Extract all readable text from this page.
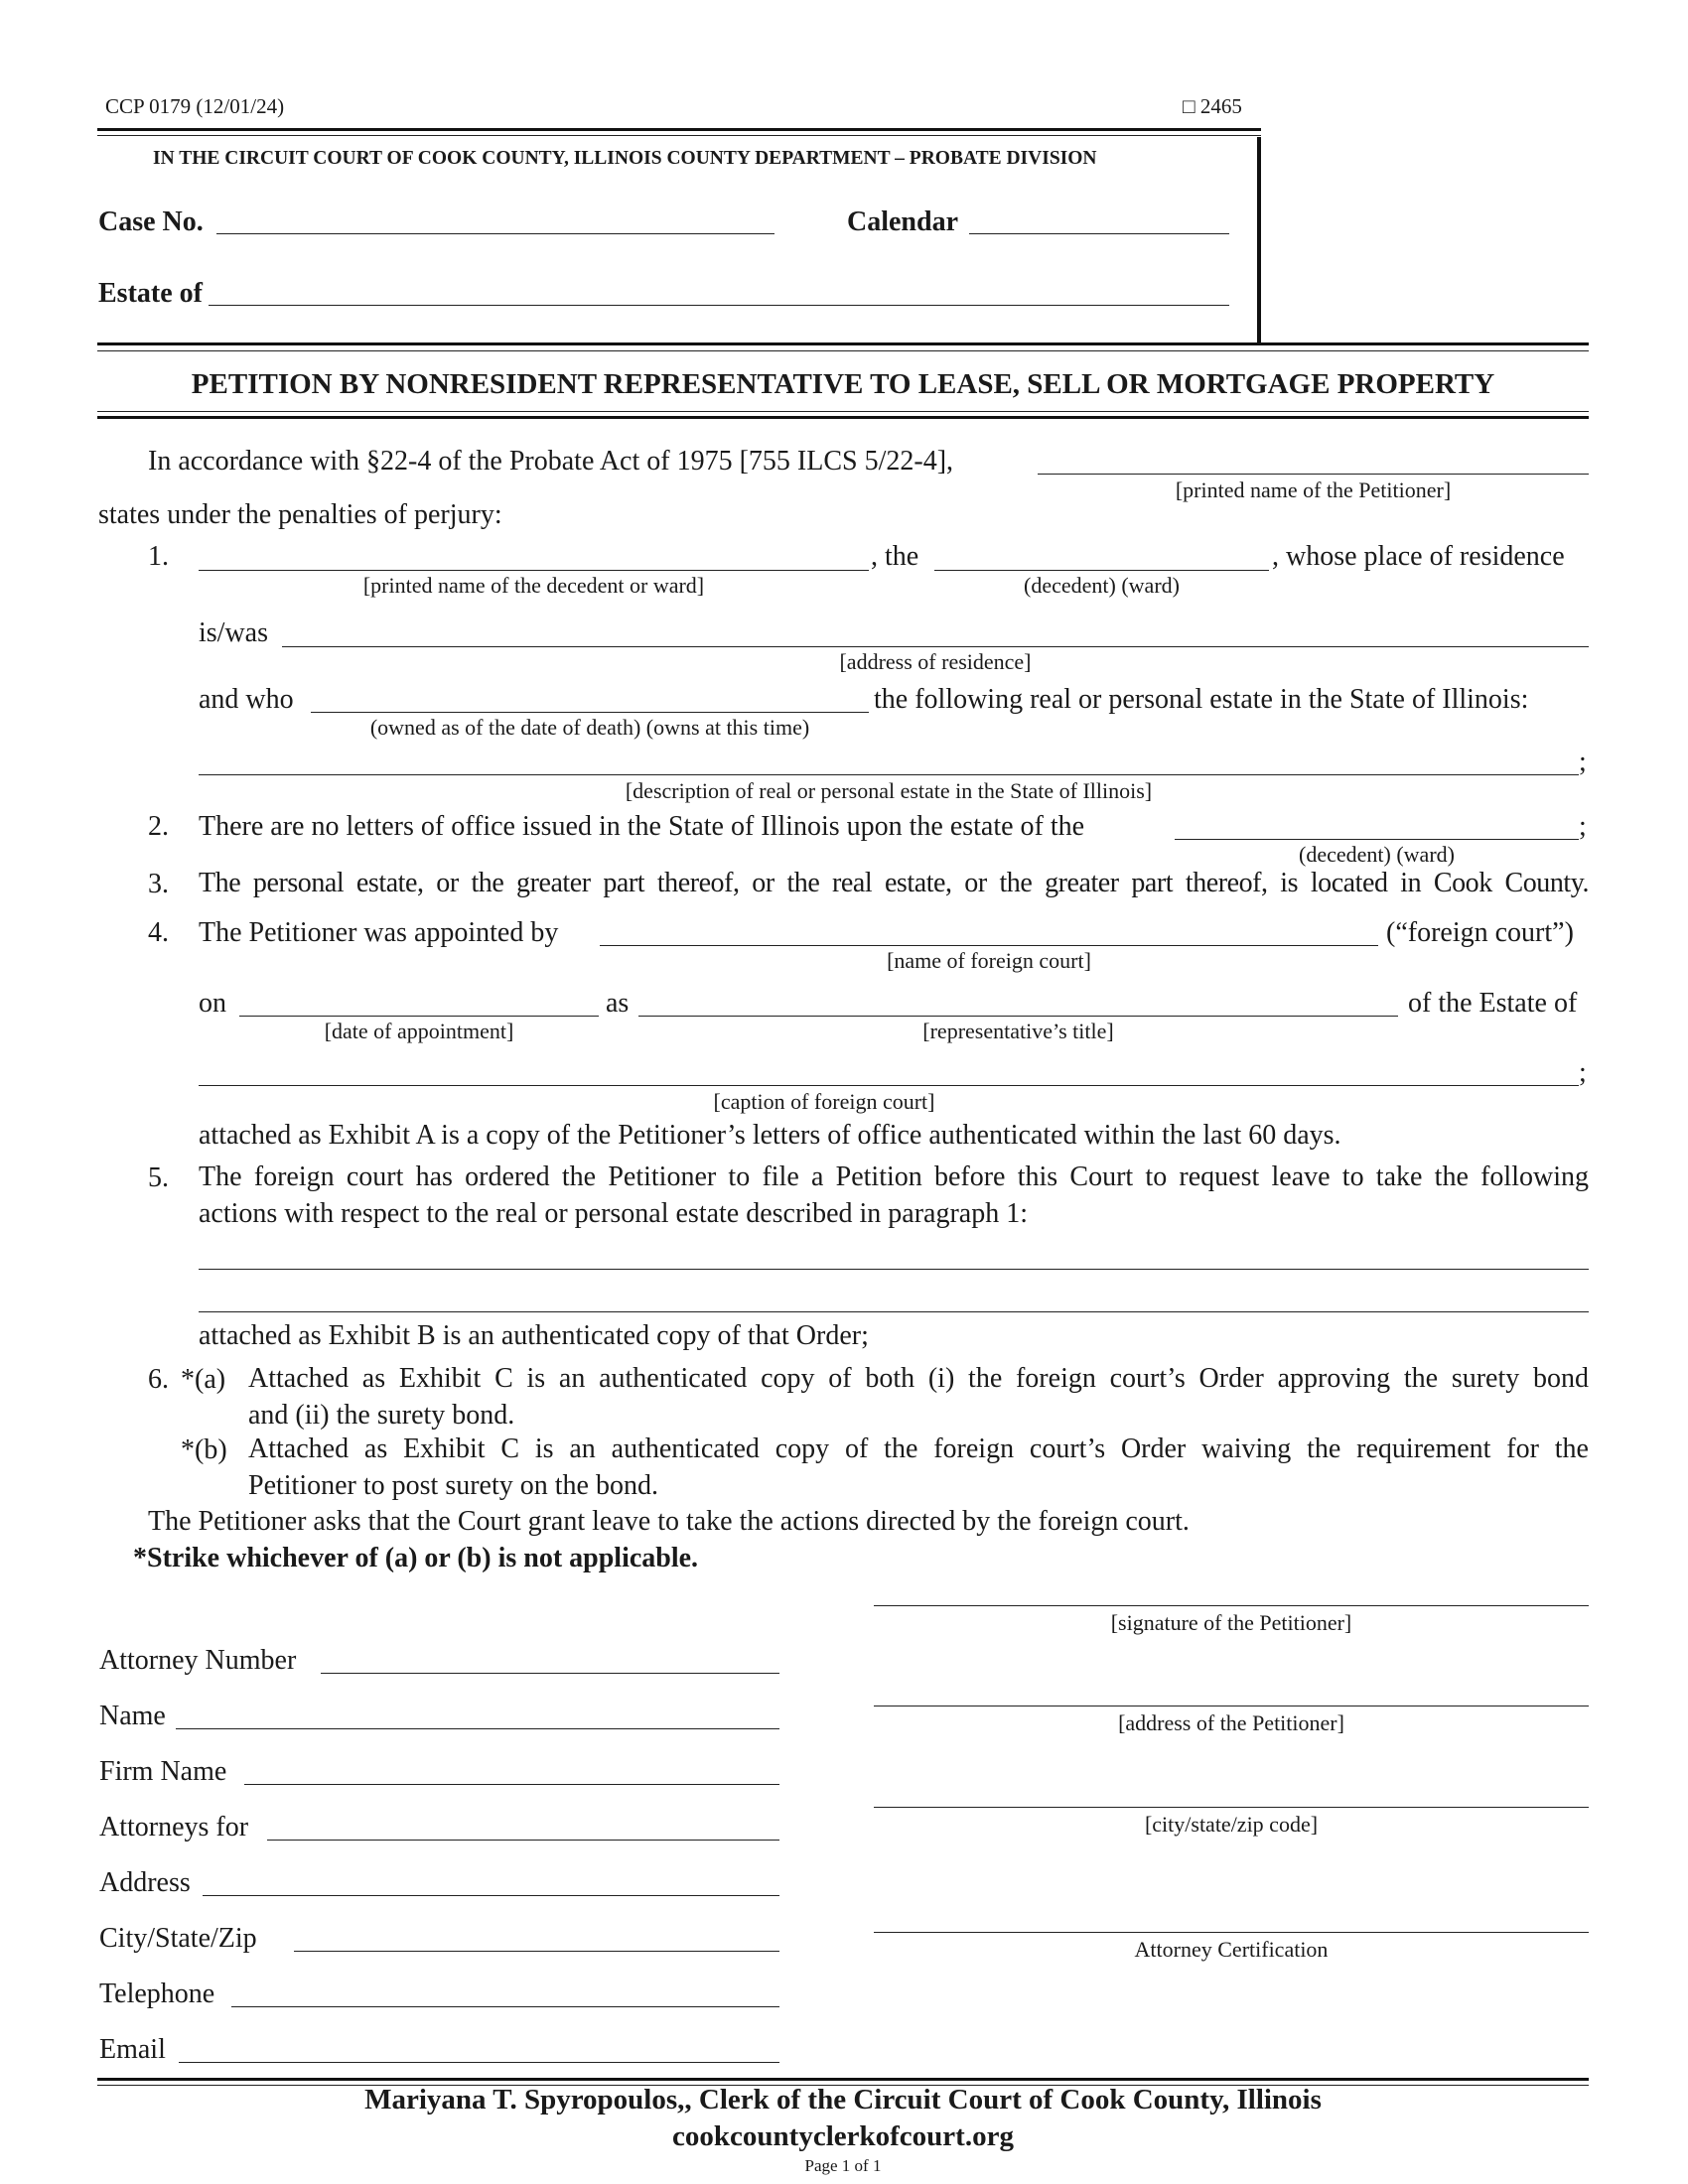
CCP 0179 (12/01/24)	□ 2465
IN THE CIRCUIT COURT OF COOK COUNTY, ILLINOIS COUNTY DEPARTMENT – PROBATE DIVISION
Case No.	Calendar
Estate of
PETITION BY NONRESIDENT REPRESENTATIVE TO LEASE, SELL OR MORTGAGE PROPERTY
In accordance with §22-4 of the Probate Act of 1975 [755 ILCS 5/22-4],
[printed name of the Petitioner]
states under the penalties of perjury:
1.	, the	, whose place of residence
[printed name of the decedent or ward]	(decedent) (ward)
is/was
[address of residence]
and who	the following real or personal estate in the State of Illinois:
(owned as of the date of death) (owns at this time)
;
[description of real or personal estate in the State of Illinois]
2. There are no letters of office issued in the State of Illinois upon the estate of the	;
(decedent) (ward)
3. The personal estate, or the greater part thereof, or the real estate, or the greater part thereof, is located in Cook County.
4. The Petitioner was appointed by	(“foreign court”)
[name of foreign court]
on	as	of the Estate of
[date of appointment]	[representative’s title]
;
[caption of foreign court]
attached as Exhibit A is a copy of the Petitioner’s letters of office authenticated within the last 60 days.
5. The foreign court has ordered the Petitioner to file a Petition before this Court to request leave to take the following
actions with respect to the real or personal estate described in paragraph 1:
attached as Exhibit B is an authenticated copy of that Order;
6. *(a) Attached as Exhibit C is an authenticated copy of both (i) the foreign court’s Order approving the surety bond
and (ii) the surety bond.
*(b) Attached as Exhibit C is an authenticated copy of the foreign court’s Order waiving the requirement for the
Petitioner to post surety on the bond.
The Petitioner asks that the Court grant leave to take the actions directed by the foreign court.
*Strike whichever of (a) or (b) is not applicable.
Attorney Number
Name
Firm Name
Attorneys for
Address
City/State/Zip
Telephone
Email
[signature of the Petitioner]
[address of the Petitioner]
[city/state/zip code]
Attorney Certification
Mariyana T. Spyropoulos,, Clerk of the Circuit Court of Cook County, Illinois
cookcountyclerkofcourt.org
Page 1 of 1
